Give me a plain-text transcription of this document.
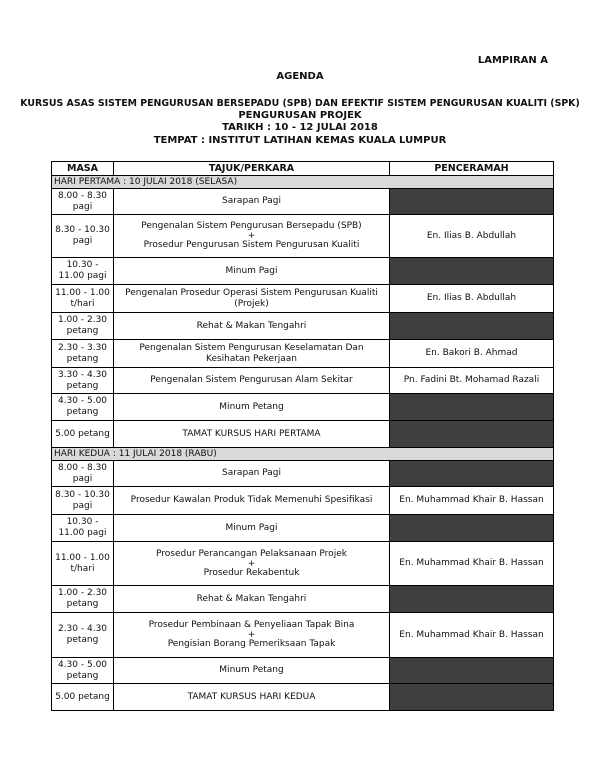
LAMPIRAN A
AGENDA
KURSUS ASAS SISTEM PENGURUSAN BERSEPADU (SPB) DAN EFEKTIF SISTEM PENGURUSAN KUALITI (SPK)
PENGURUSAN PROJEK
TARIKH : 10 - 12 JULAI 2018
TEMPAT : INSTITUT LATIHAN KEMAS KUALA LUMPUR
MASA	TAJUK/PERKARA	PENCERAMAH
HARI PERTAMA : 10 JULAI 2018 (SELASA)		
8.00 - 8.30 pagi	Sarapan Pagi	
8.30 - 10.30 pagi	Pengenalan Sistem Pengurusan Bersepadu (SPB)
+
Prosedur Pengurusan Sistem Pengurusan Kualiti	En. Ilias B. Abdullah
10.30 - 11.00 pagi	Minum Pagi	
11.00 - 1.00 t/hari	Pengenalan Prosedur Operasi Sistem Pengurusan Kualiti (Projek)	En. Ilias B. Abdullah
1.00 - 2.30 petang	Rehat & Makan Tengahri	
2.30 - 3.30 petang	Pengenalan Sistem Pengurusan Keselamatan Dan Kesihatan Pekerjaan	En. Bakori B. Ahmad
3.30 - 4.30 petang	Pengenalan Sistem Pengurusan Alam Sekitar	Pn. Fadini Bt. Mohamad Razali
4.30 - 5.00 petang	Minum Petang	
5.00 petang	TAMAT KURSUS HARI PERTAMA	
HARI KEDUA : 11 JULAI 2018 (RABU)		
8.00 - 8.30 pagi	Sarapan Pagi	
8.30 - 10.30 pagi	Prosedur Kawalan Produk Tidak Memenuhi Spesifikasi	En. Muhammad Khair B. Hassan
10.30 - 11.00 pagi	Minum Pagi	
11.00 - 1.00 t/hari	Prosedur Perancangan Pelaksanaan Projek
+
Prosedur Rekabentuk	En. Muhammad Khair B. Hassan
1.00 - 2.30 petang	Rehat & Makan Tengahri	
2.30 - 4.30 petang	Prosedur Pembinaan & Penyeliaan Tapak Bina
+
Pengisian Borang Pemeriksaan Tapak	En. Muhammad Khair B. Hassan
4.30 - 5.00 petang	Minum Petang	
5.00 petang	TAMAT KURSUS HARI KEDUA	
